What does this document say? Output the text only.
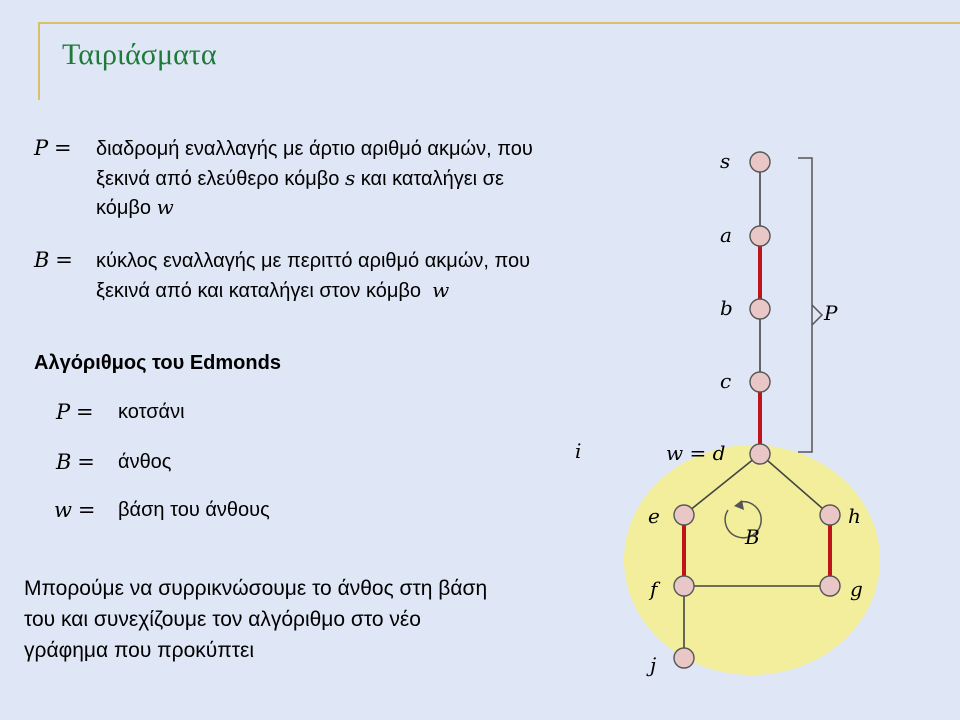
Ταιριάσματα
P = διαδρομή εναλλαγής με άρτιο αριθμό ακμών, που
ξεκινά από ελεύθερο κόμβο s και καταλήγει σε
κόμβο w
B = κύκλος εναλλαγής με περιττό αριθμό ακμών, που
ξεκινά από και καταλήγει στον κόμβο w
Αλγόριθμος του Edmonds
P = κοτσάνι
B = άνθος
w = βάση του άνθους
Μπορούμε να συρρικνώσουμε το άνθος στη βάση
του και συνεχίζουμε τον αλγόριθμο στο νέο
γράφημα που προκύπτει
s
a
b
c
w = d
e	h
f	g
j
B
P
i
